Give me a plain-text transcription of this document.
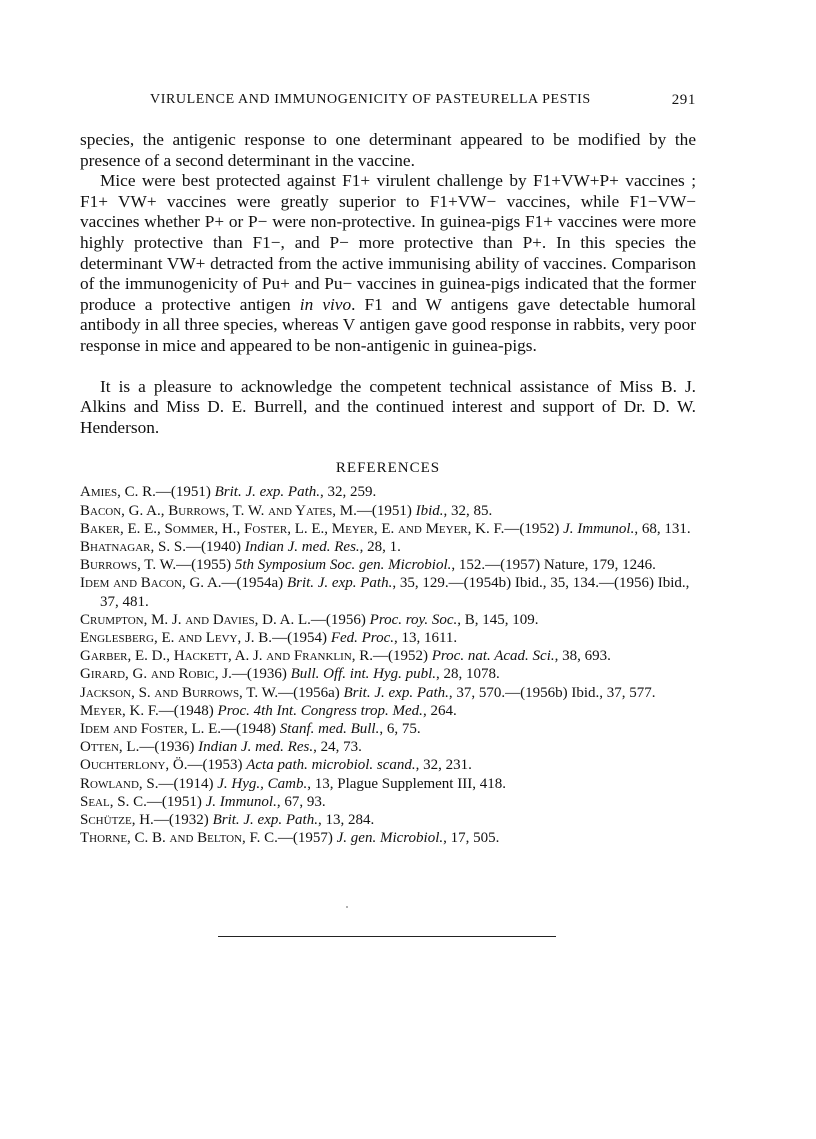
VIRULENCE AND IMMUNOGENICITY OF PASTEURELLA PESTIS	291

species, the antigenic response to one determinant appeared to be modified by the presence of a second determinant in the vaccine.

Mice were best protected against F1+ virulent challenge by F1+VW+P+ vaccines ; F1+ VW+ vaccines were greatly superior to F1+VW− vaccines, while F1−VW− vaccines whether P+ or P− were non-protective. In guinea-pigs F1+ vaccines were more highly protective than F1−, and P− more protective than P+. In this species the determinant VW+ detracted from the active immunising ability of vaccines. Comparison of the immunogenicity of Pu+ and Pu− vaccines in guinea-pigs indicated that the former produce a protective antigen in vivo. F1 and W antigens gave detectable humoral antibody in all three species, whereas V antigen gave good response in rabbits, very poor response in mice and appeared to be non-antigenic in guinea-pigs.

It is a pleasure to acknowledge the competent technical assistance of Miss B. J. Alkins and Miss D. E. Burrell, and the continued interest and support of Dr. D. W. Henderson.

REFERENCES
Amies, C. R.—(1951) Brit. J. exp. Path., 32, 259.
Bacon, G. A., Burrows, T. W. and Yates, M.—(1951) Ibid., 32, 85.
Baker, E. E., Sommer, H., Foster, L. E., Meyer, E. and Meyer, K. F.—(1952) J. Immunol., 68, 131.
Bhatnagar, S. S.—(1940) Indian J. med. Res., 28, 1.
Burrows, T. W.—(1955) 5th Symposium Soc. gen. Microbiol., 152.—(1957) Nature, 179, 1246.
Idem and Bacon, G. A.—(1954a) Brit. J. exp. Path., 35, 129.—(1954b) Ibid., 35, 134.—(1956) Ibid., 37, 481.
Crumpton, M. J. and Davies, D. A. L.—(1956) Proc. roy. Soc., B, 145, 109.
Englesberg, E. and Levy, J. B.—(1954) Fed. Proc., 13, 1611.
Garber, E. D., Hackett, A. J. and Franklin, R.—(1952) Proc. nat. Acad. Sci., 38, 693.
Girard, G. and Robic, J.—(1936) Bull. Off. int. Hyg. publ., 28, 1078.
Jackson, S. and Burrows, T. W.—(1956a) Brit. J. exp. Path., 37, 570.—(1956b) Ibid., 37, 577.
Meyer, K. F.—(1948) Proc. 4th Int. Congress trop. Med., 264.
Idem and Foster, L. E.—(1948) Stanf. med. Bull., 6, 75.
Otten, L.—(1936) Indian J. med. Res., 24, 73.
Ouchterlony, Ö.—(1953) Acta path. microbiol. scand., 32, 231.
Rowland, S.—(1914) J. Hyg., Camb., 13, Plague Supplement III, 418.
Seal, S. C.—(1951) J. Immunol., 67, 93.
Schütze, H.—(1932) Brit. J. exp. Path., 13, 284.
Thorne, C. B. and Belton, F. C.—(1957) J. gen. Microbiol., 17, 505.
